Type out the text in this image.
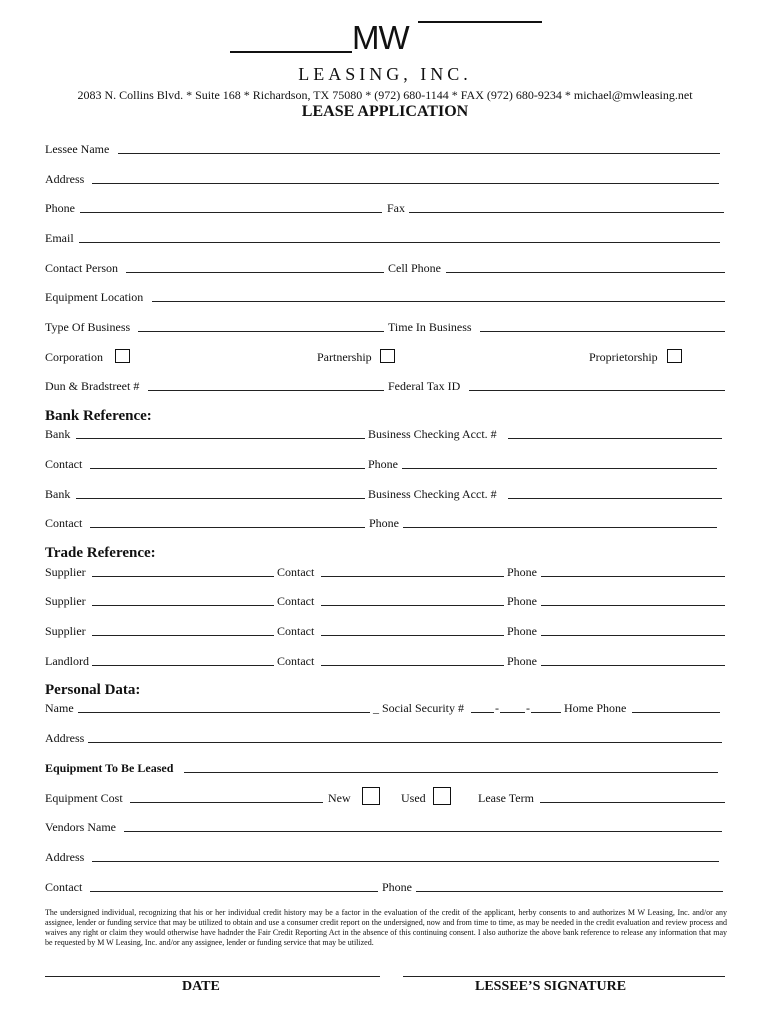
MW
LEASING, INC.
2083 N. Collins Blvd. * Suite 168 * Richardson, TX 75080 * (972) 680-1144 * FAX (972) 680-9234 * michael@mwleasing.net
LEASE APPLICATION
Lessee Name
Address
Phone	Fax
Email
Contact Person	Cell Phone
Equipment Location
Type Of Business	Time In Business
Corporation	Partnership	Proprietorship
Dun & Bradstreet #	Federal Tax ID
Bank Reference:
Bank	Business Checking Acct. #
Contact	Phone
Bank	Business Checking Acct. #
Contact	Phone
Trade Reference:
Supplier	Contact	Phone
Supplier	Contact	Phone
Supplier	Contact	Phone
Landlord	Contact	Phone
Personal Data:
Name	_ Social Security #	- -	Home Phone
Address
Equipment To Be Leased
Equipment Cost	New	Used	Lease Term
Vendors Name
Address
Contact	Phone
The undersigned individual, recognizing that his or her individual credit history may be a factor in the evaluation of the credit of the applicant, herby consents to and authorizes M W Leasing, Inc. and/or any assignee, lender or funding service that may be utilized to obtain and use a consumer credit report on the undersigned, now and from time to time, as may be needed in the credit evaluation and review process and waives any right or claim they would otherwise have hadnder the Fair Credit Reporting Act in the absence of this continuing consent. I also authorize the above bank reference to release any information that may be requested by M W Leasing, Inc. and/or any assignee, lender or funding service that may be utilized.
DATE	LESSEE’S SIGNATURE
